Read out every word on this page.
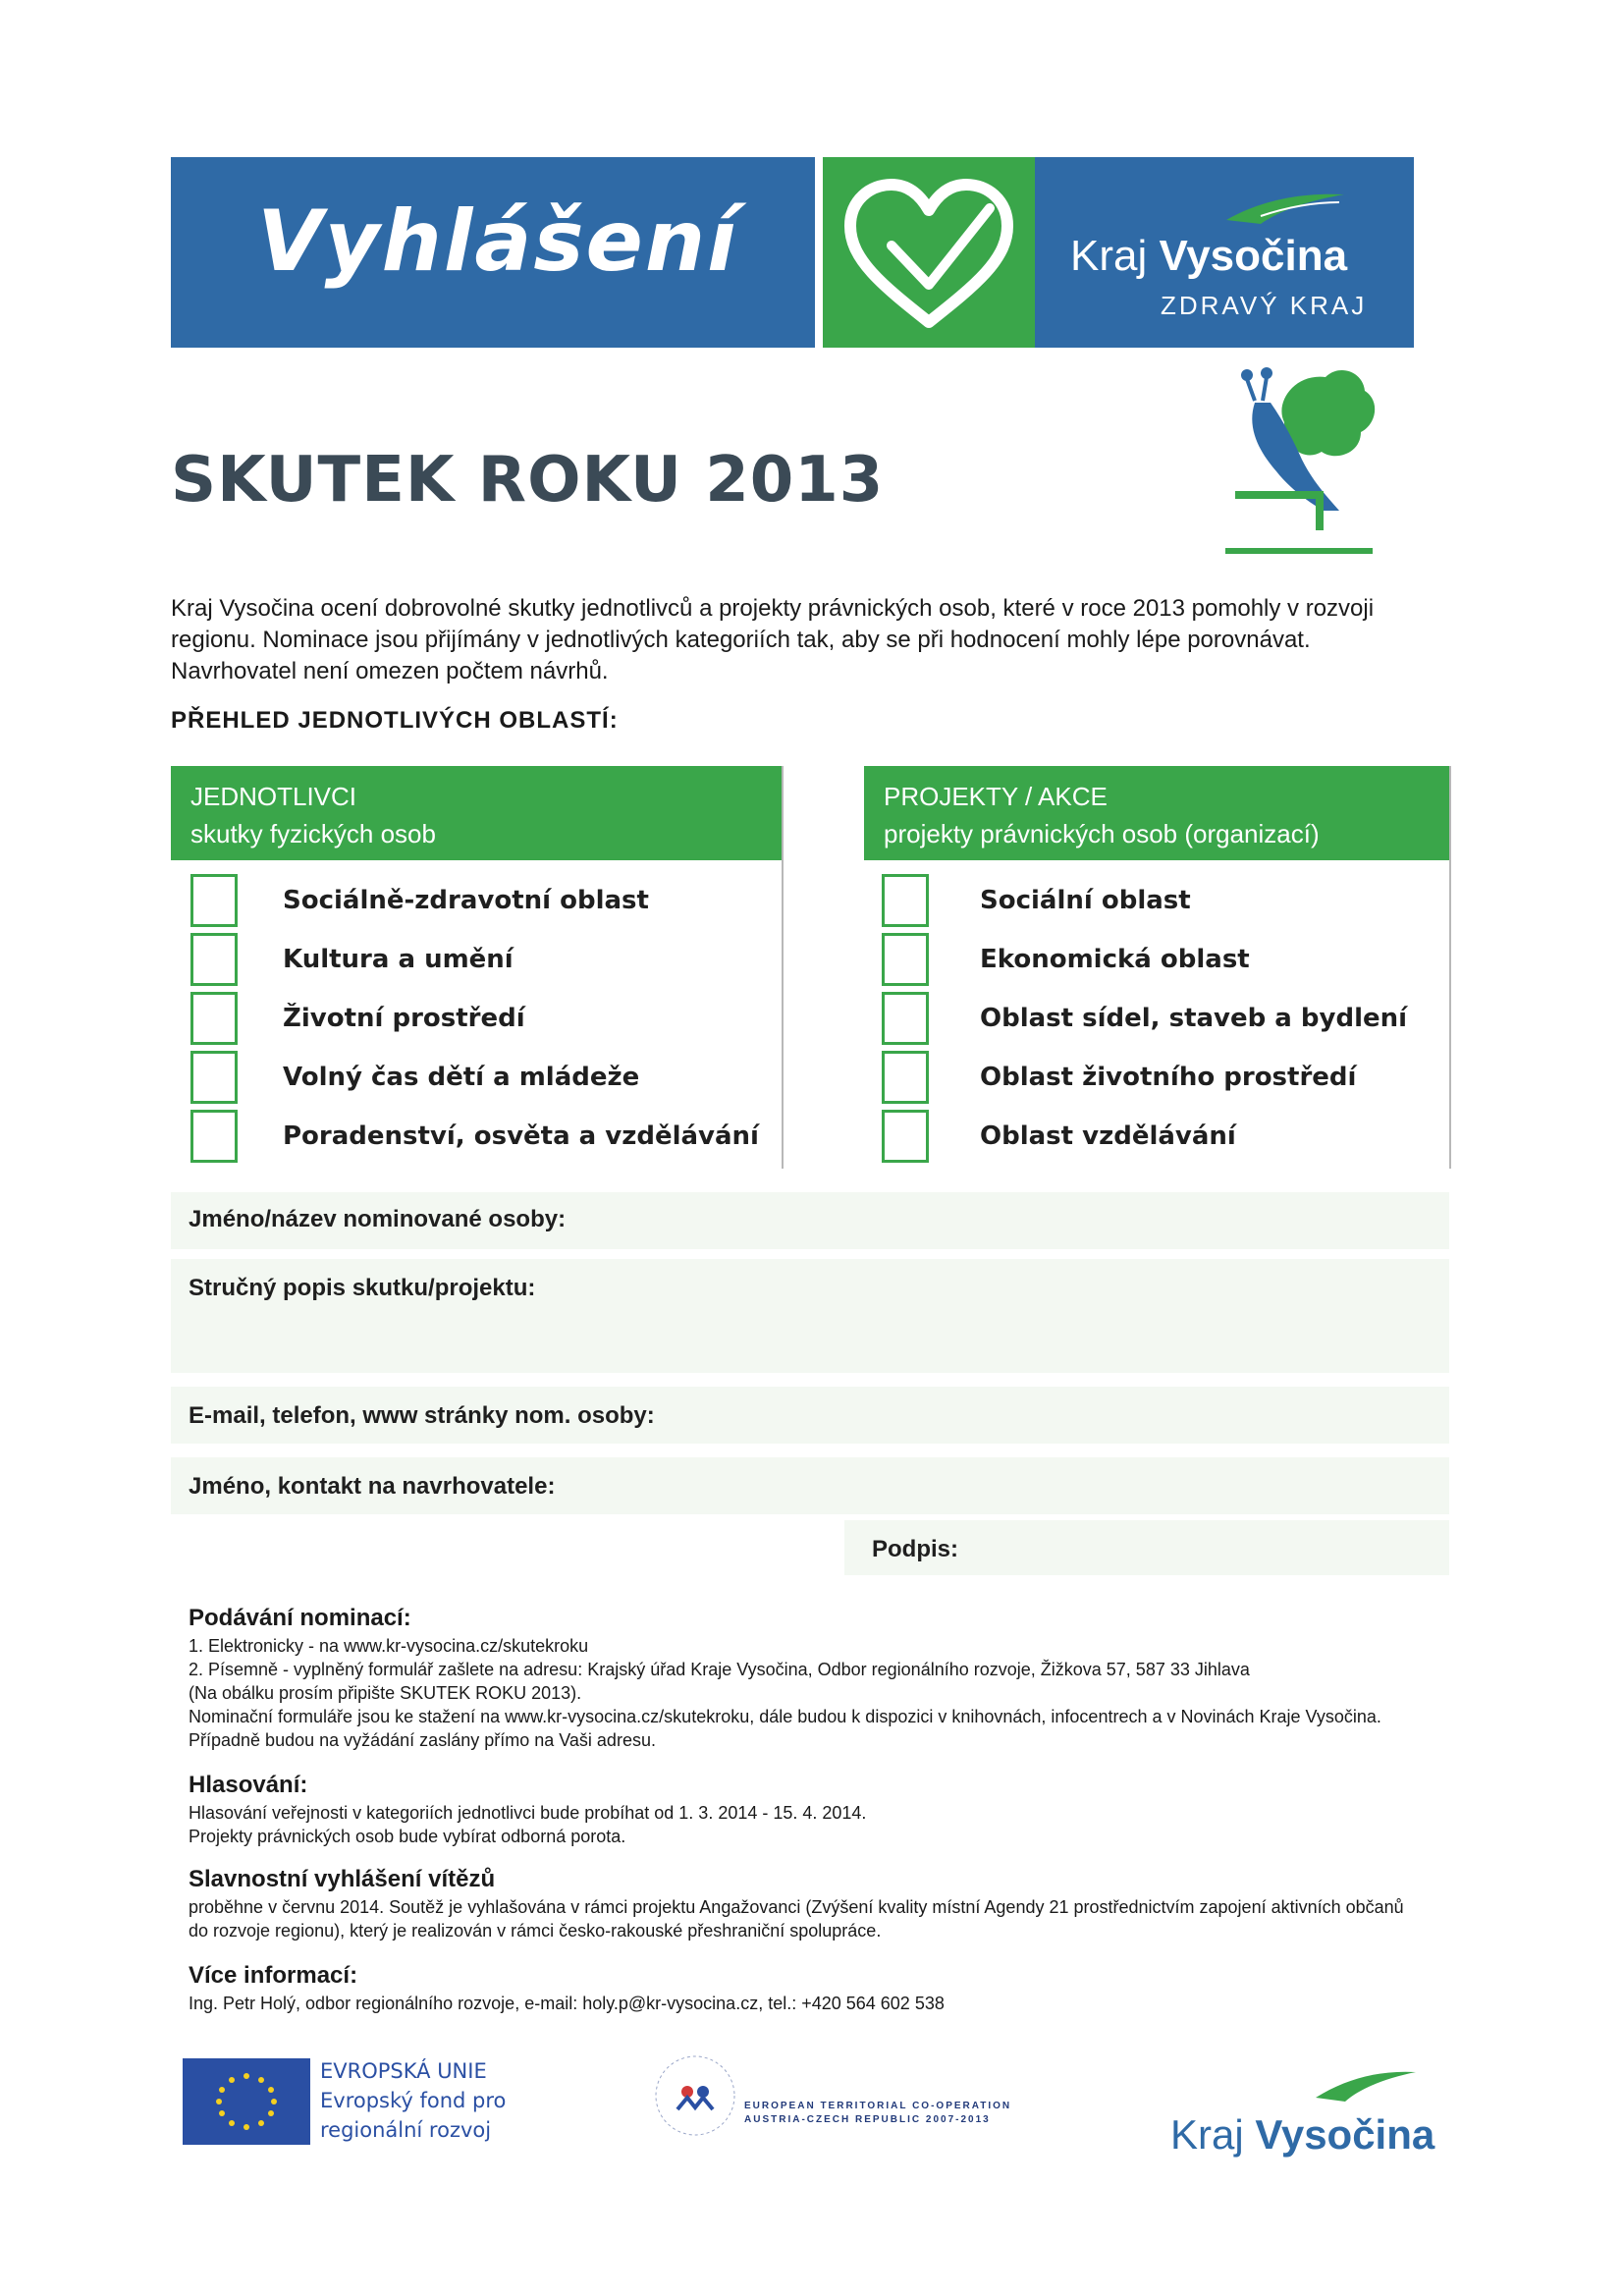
Vyhlášení	Kraj Vysočina
ZDRAVÝ KRAJ
SKUTEK ROKU 2013
Kraj Vysočina ocení dobrovolné skutky jednotlivců a projekty právnických osob, které v roce 2013 pomohly v rozvoji regionu. Nominace jsou přijímány v jednotlivých kategoriích tak, aby se při hodnocení mohly lépe porovnávat. Navrhovatel není omezen počtem návrhů.
PŘEHLED JEDNOTLIVÝCH OBLASTÍ:
JEDNOTLIVCI
skutky fyzických osob
Sociálně-zdravotní oblast
Kultura a umění
Životní prostředí
Volný čas dětí a mládeže
Poradenství, osvěta a vzdělávání
PROJEKTY / AKCE
projekty právnických osob (organizací)
Sociální oblast
Ekonomická oblast
Oblast sídel, staveb a bydlení
Oblast životního prostředí
Oblast vzdělávání
Jméno/název nominované osoby:
Stručný popis skutku/projektu:
E-mail, telefon, www stránky nom. osoby:
Jméno, kontakt na navrhovatele:
Podpis:
Podávání nominací:
1. Elektronicky - na www.kr-vysocina.cz/skutekroku
2. Písemně - vyplněný formulář zašlete na adresu: Krajský úřad Kraje Vysočina, Odbor regionálního rozvoje, Žižkova 57, 587 33 Jihlava
(Na obálku prosím připište SKUTEK ROKU 2013).
Nominační formuláře jsou ke stažení na www.kr-vysocina.cz/skutekroku, dále budou k dispozici v knihovnách, infocentrech a v Novinách Kraje Vysočina. Případně budou na vyžádání zaslány přímo na Vaši adresu.
Hlasování:
Hlasování veřejnosti v kategoriích jednotlivci bude probíhat od 1. 3. 2014 - 15. 4. 2014.
Projekty právnických osob bude vybírat odborná porota.
Slavnostní vyhlášení vítězů
proběhne v červnu 2014. Soutěž je vyhlašována v rámci projektu Angažovanci (Zvýšení kvality místní Agendy 21 prostřednictvím zapojení aktivních občanů do rozvoje regionu), který je realizován v rámci česko-rakouské přeshraniční spolupráce.
Více informací:
Ing. Petr Holý, odbor regionálního rozvoje, e-mail: holy.p@kr-vysocina.cz, tel.: +420 564 602 538
EVROPSKÁ UNIE
Evropský fond pro
regionální rozvoj
EUROPEAN TERRITORIAL CO-OPERATION
AUSTRIA-CZECH REPUBLIC 2007-2013	Kraj Vysočina
